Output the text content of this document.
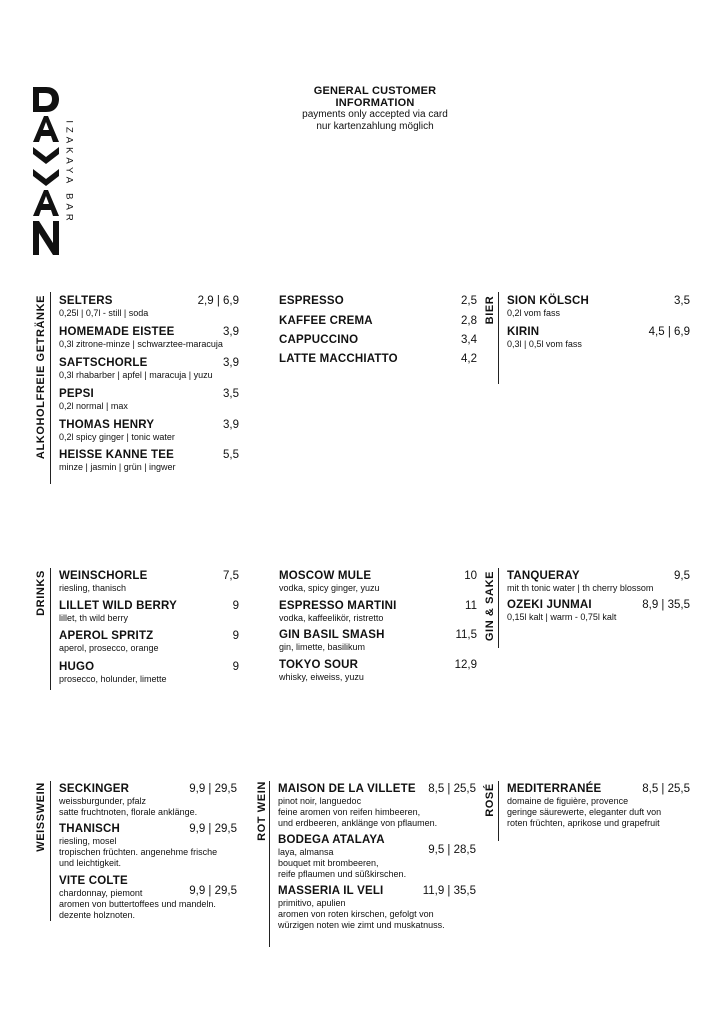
IZAKAYA BAR
GENERAL CUSTOMER INFORMATION
payments only accepted via card
nur kartenzahlung möglich
ALKOHOLFREIE GETRÄNKE SELTERS
0,25l | 0,7l - still | soda
2,9 | 6,9
HOMEMADE EISTEE
0,3l zitrone-minze | schwarztee-maracuja
3,9
SAFTSCHORLE
0,3l rhabarber | apfel | maracuja | yuzu
3,9
PEPSI
0,2l normal | max
3,5
THOMAS HENRY
0,2l spicy ginger | tonic water
3,9
HEISSE KANNE TEE
minze | jasmin | grün | ingwer
5,5
ESPRESSO	2,5
KAFFEE CREMA	2,8
CAPPUCCINO	3,4
LATTE MACCHIATTO	4,2
BIER SION KÖLSCH
0,2l vom fass
3,5
KIRIN
0,3l | 0,5l vom fass
4,5 | 6,9
DRINKS WEINSCHORLE
riesling, thanisch
7,5
LILLET WILD BERRY
lillet, th wild berry
9
APEROL SPRITZ
aperol, prosecco, orange
9
HUGO
prosecco, holunder, limette
9
MOSCOW MULE
vodka, spicy ginger, yuzu
10
ESPRESSO MARTINI
vodka, kaffeelikör, ristretto
11
GIN BASIL SMASH
gin, limette, basilikum
11,5
TOKYO SOUR
whisky, eiweiss, yuzu
12,9
GIN & SAKE TANQUERAY
mit th tonic water | th cherry blossom
9,5
OZEKI JUNMAI
0,15l kalt | warm - 0,75l kalt
8,9 | 35,5
WEISSWEIN SECKINGER
weissburgunder, pfalz
satte fruchtnoten, florale anklänge.
9,9 | 29,5
THANISCH
riesling, mosel
tropischen früchten. angenehme frische
und leichtigkeit.
9,9 | 29,5
VITE COLTE
chardonnay, piemont
aromen von buttertoffees und mandeln.
dezente holznoten.
9,9 | 29,5
ROT WEIN MAISON DE LA VILLETE
pinot noir, languedoc
feine aromen von reifen himbeeren,
und erdbeeren, anklänge von pflaumen.
8,5 | 25,5
BODEGA ATALAYA
laya, almansa
bouquet mit brombeeren,
reife pflaumen und süßkirschen.
9,5 | 28,5
MASSERIA IL VELI
primitivo, apulien
aromen von roten kirschen, gefolgt von
würzigen noten wie zimt und muskatnuss.
11,9 | 35,5
ROSÉ MEDITERRANÉE
domaine de figuière, provence
geringe säurewerte, eleganter duft von
roten früchten, aprikose und grapefruit
8,5 | 25,5
